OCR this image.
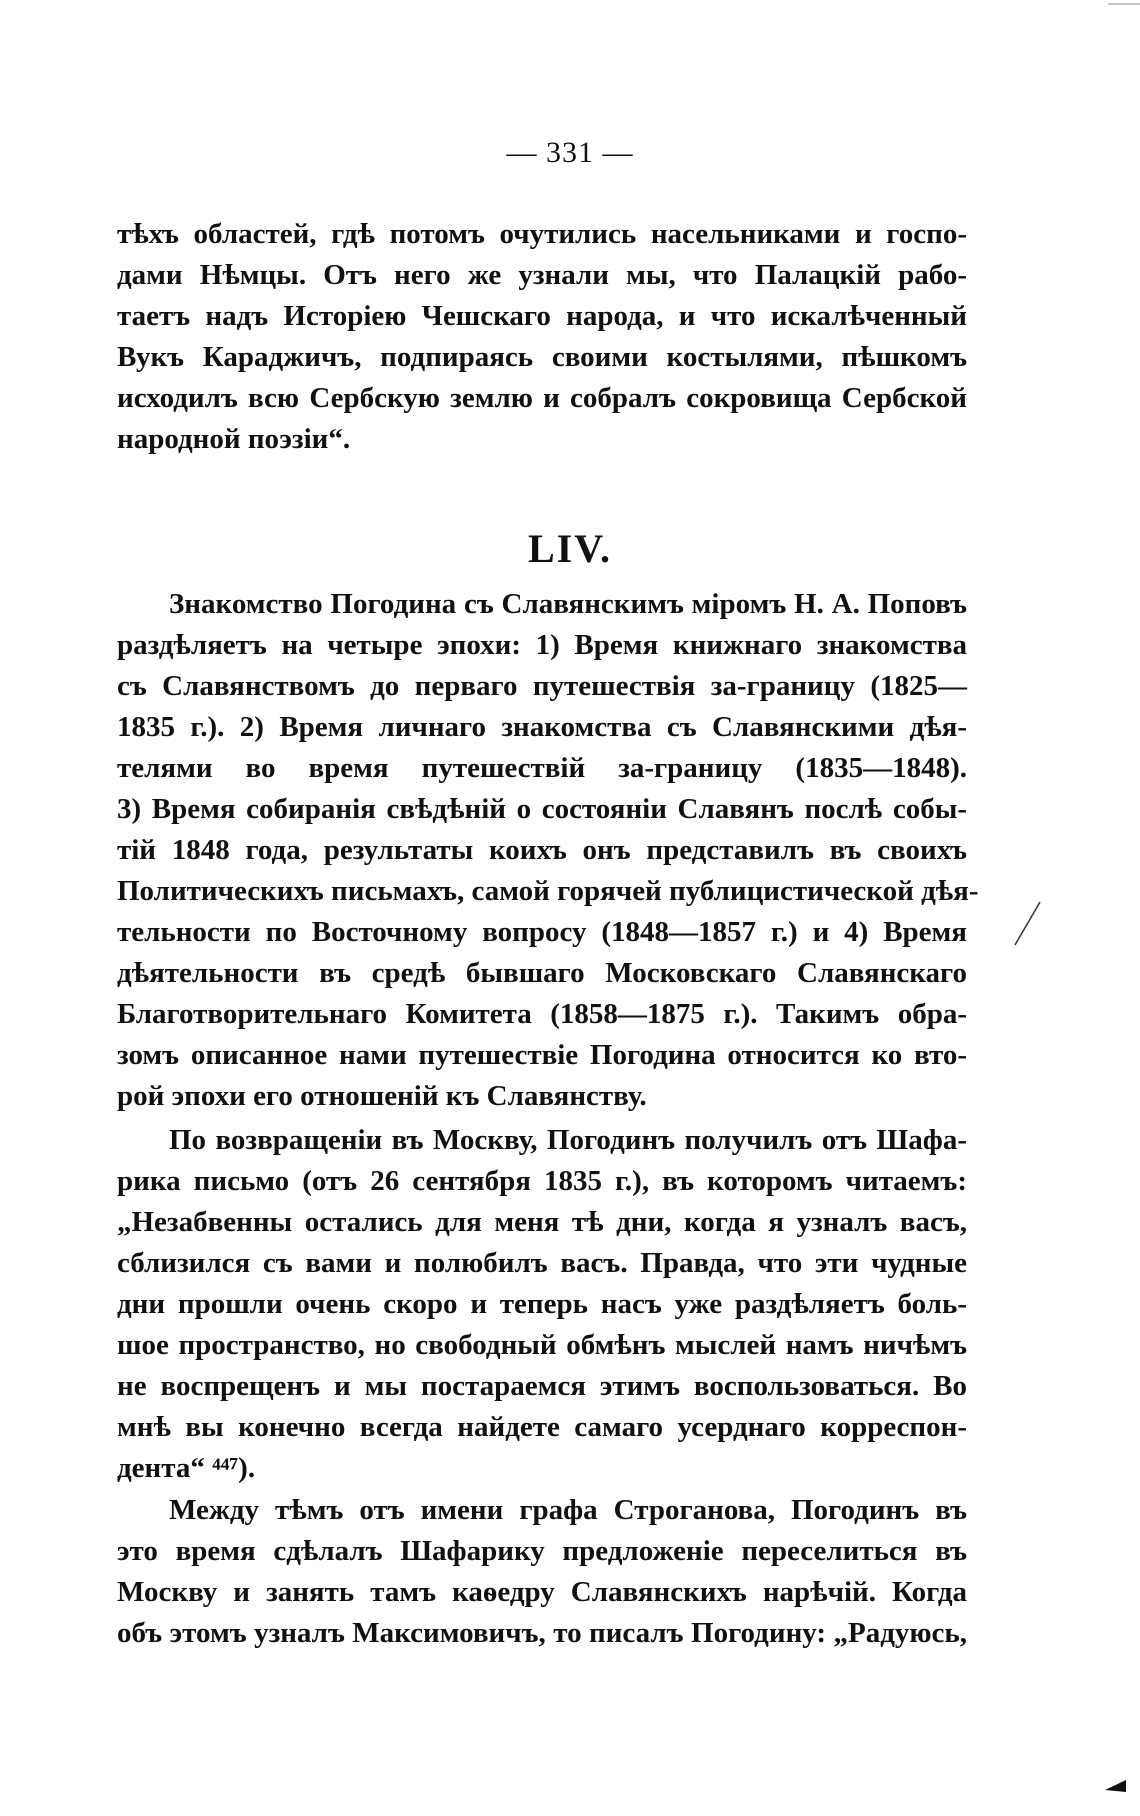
— 331 —
тѣхъ областей, гдѣ потомъ очутились насельниками и госпо-
дами Нѣмцы. Отъ него же узнали мы, что Палацкій рабо-
таетъ надъ Исторіею Чешскаго народа, и что искалѣченный
Вукъ Караджичъ, подпираясь своими костылями, пѣшкомъ
исходилъ всю Сербскую землю и собралъ сокровища Сербской
народной поэзіи“.
LIV.
Знакомство Погодина съ Славянскимъ міромъ Н. А. Поповъ
раздѣляетъ на четыре эпохи: 1) Время книжнаго знакомства
съ Славянствомъ до перваго путешествія за-границу (1825—
1835 г.). 2) Время личнаго знакомства съ Славянскими дѣя-
телями во время путешествій за-границу (1835—1848).
3) Время собиранія свѣдѣній о состояніи Славянъ послѣ собы-
тій 1848 года, результаты коихъ онъ представилъ въ своихъ
Политическихъ письмахъ, самой горячей публицистической дѣя-
тельности по Восточному вопросу (1848—1857 г.) и 4) Время
дѣятельности въ средѣ бывшаго Московскаго Славянскаго
Благотворительнаго Комитета (1858—1875 г.). Такимъ обра-
зомъ описанное нами путешествіе Погодина относится ко вто-
рой эпохи его отношеній къ Славянству.
По возвращеніи въ Москву, Погодинъ получилъ отъ Шафа-
рика письмо (отъ 26 сентября 1835 г.), въ которомъ читаемъ:
„Незабвенны остались для меня тѣ дни, когда я узналъ васъ,
сблизился съ вами и полюбилъ васъ. Правда, что эти чудные
дни прошли очень скоро и теперь насъ уже раздѣляетъ боль-
шое пространство, но свободный обмѣнъ мыслей намъ ничѣмъ
не воспрещенъ и мы постараемся этимъ воспользоваться. Во
мнѣ вы конечно всегда найдете самаго усерднаго корреспон-
дента“ ⁴⁴⁷).
Между тѣмъ отъ имени графа Строганова, Погодинъ въ
это время сдѣлалъ Шафарику предложеніе переселиться въ
Москву и занять тамъ каѳедру Славянскихъ нарѣчій. Когда
объ этомъ узналъ Максимовичъ, то писалъ Погодину: „Радуюсь,
